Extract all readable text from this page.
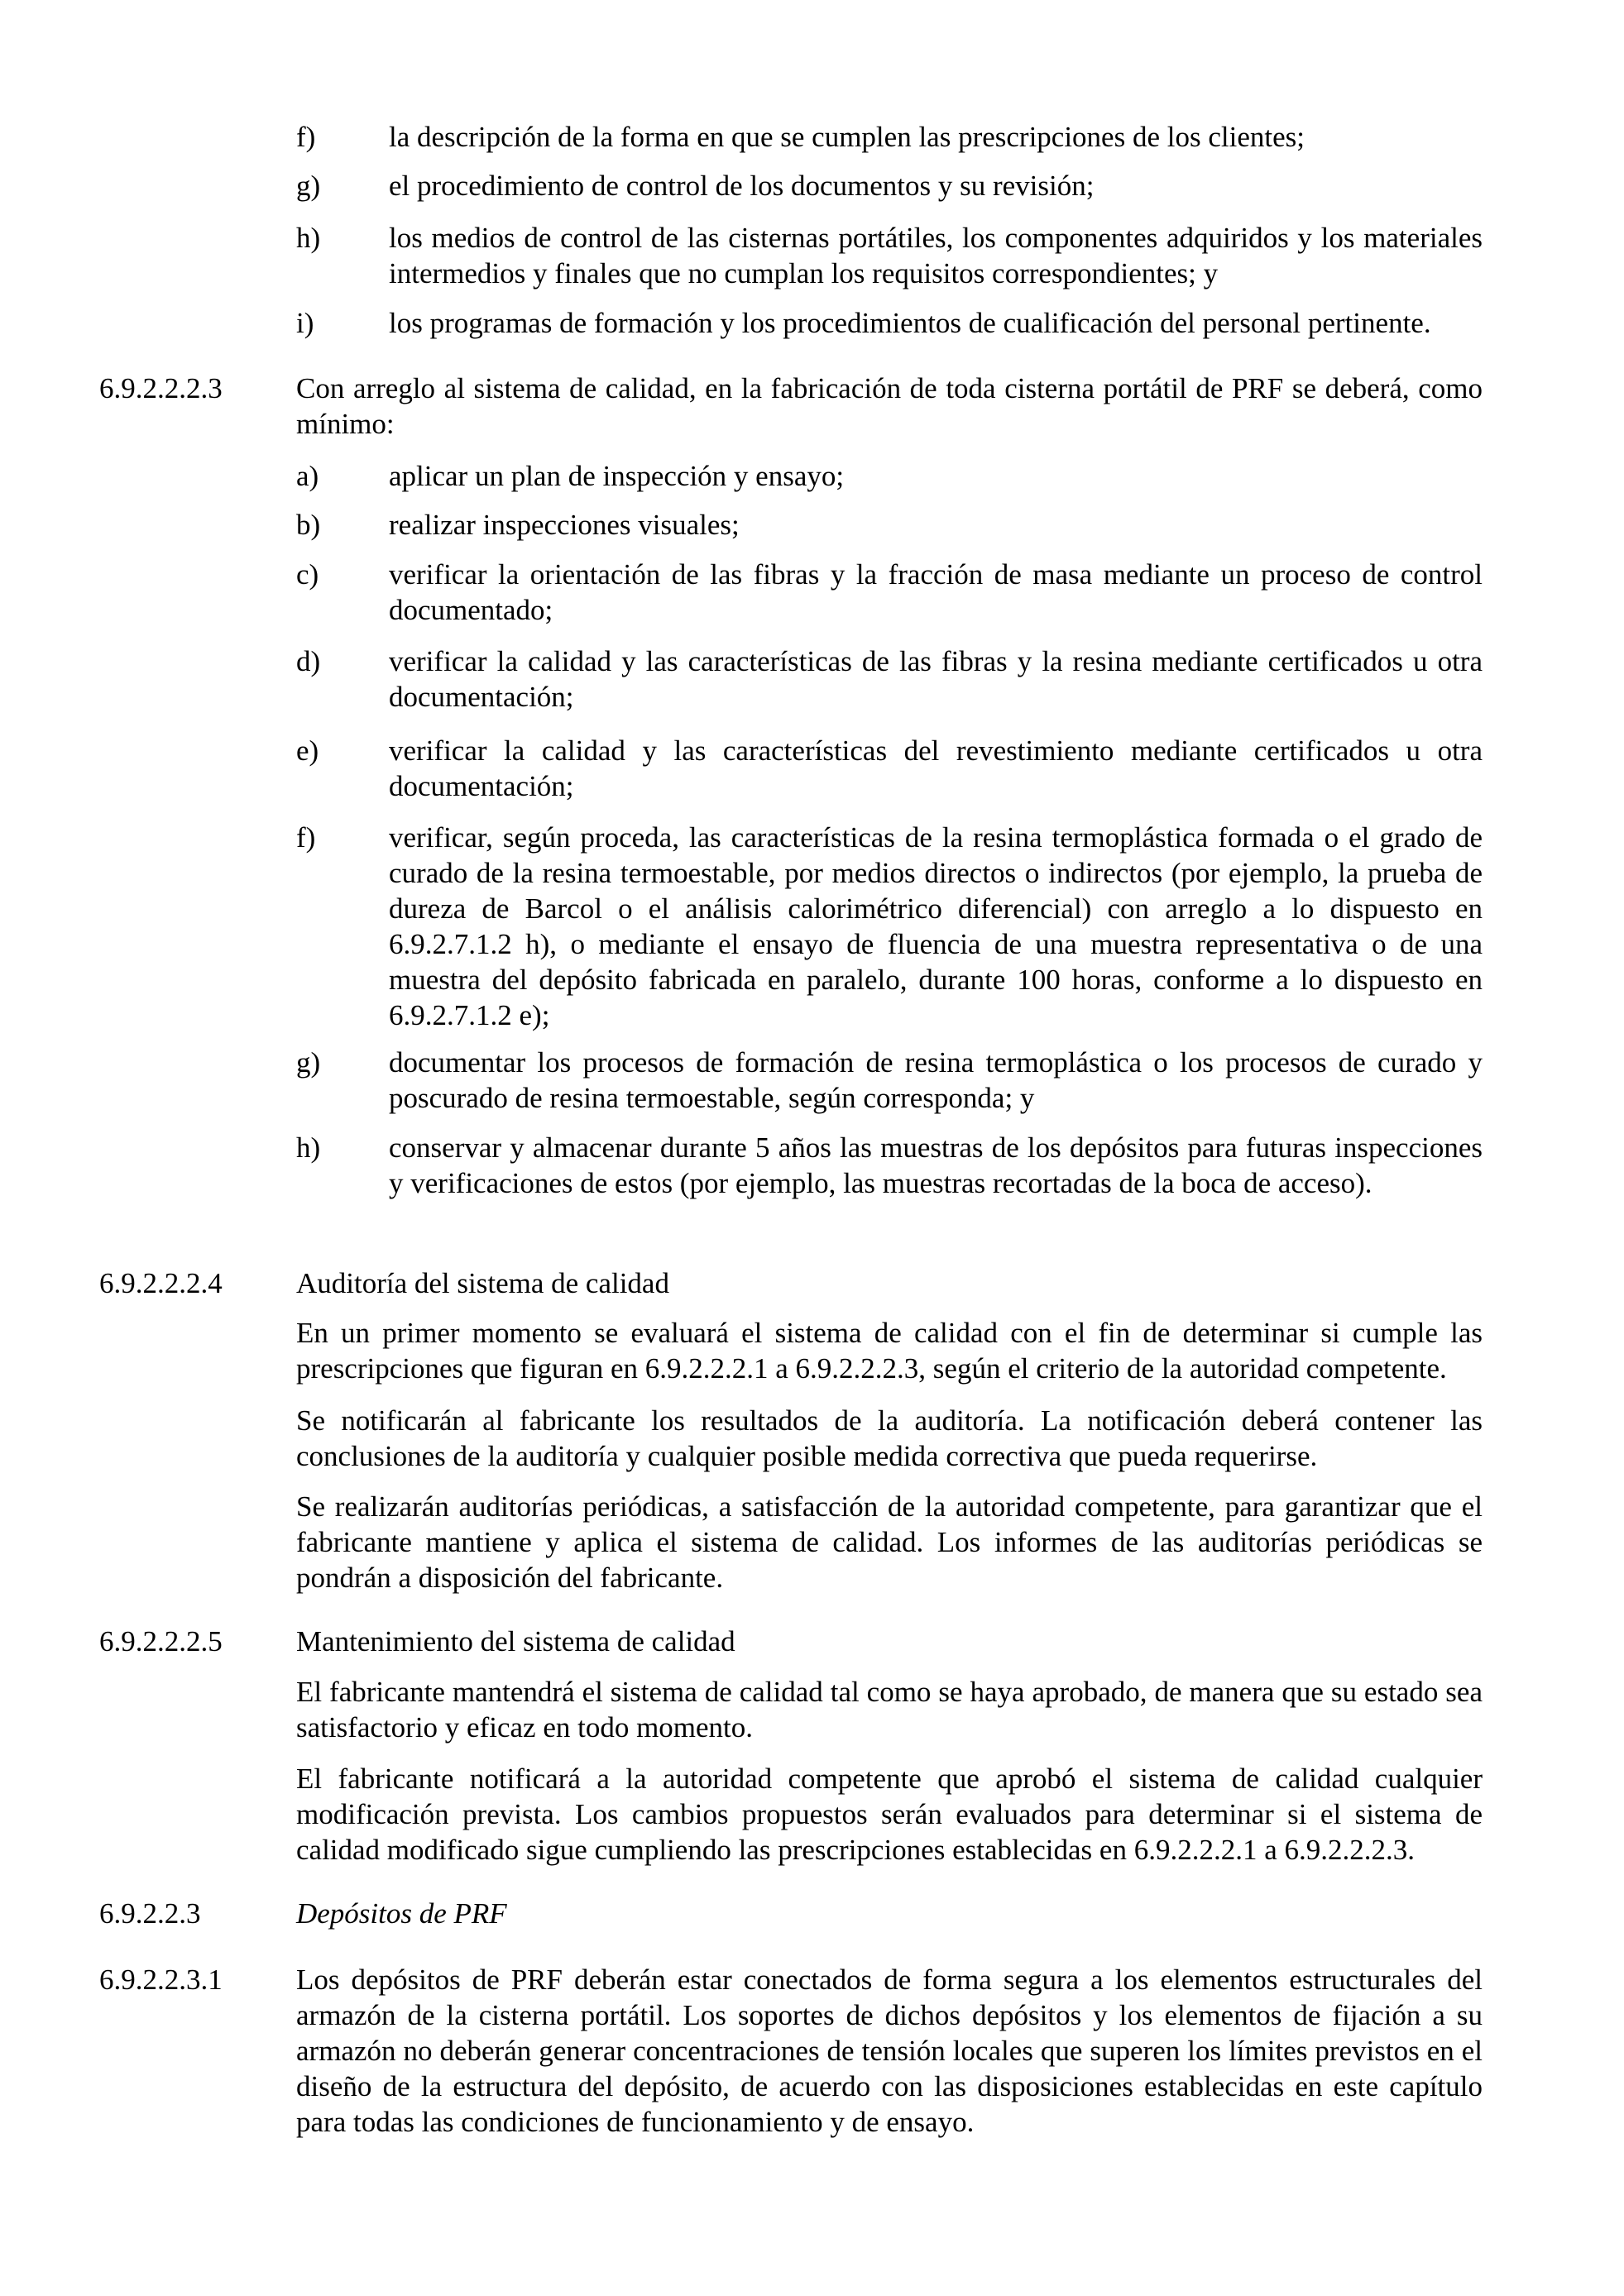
f)	la descripción de la forma en que se cumplen las prescripciones de los clientes;
g) el procedimiento de control de los documentos y su revisión;
h) los medios de control de las cisternas portátiles, los componentes adquiridos y los materiales intermedios y finales que no cumplan los requisitos correspondientes; y
i)	los programas de formación y los procedimientos de cualificación del personal pertinente.
6.9.2.2.2.3	Con arreglo al sistema de calidad, en la fabricación de toda cisterna portátil de PRF se deberá, como mínimo:
a) aplicar un plan de inspección y ensayo;
b) realizar inspecciones visuales;
c) verificar la orientación de las fibras y la fracción de masa mediante un proceso de control documentado;
d) verificar la calidad y las características de las fibras y la resina mediante certificados u otra documentación;
e) verificar la calidad y las características del revestimiento mediante certificados u otra documentación;
f)	verificar, según proceda, las características de la resina termoplástica formada o el grado de curado de la resina termoestable, por medios directos o indirectos (por ejemplo, la prueba de dureza de Barcol o el análisis calorimétrico diferencial) con arreglo a lo dispuesto en 6.9.2.7.1.2 h), o mediante el ensayo de fluencia de una muestra representativa o de una muestra del depósito fabricada en paralelo, durante 100 horas, conforme a lo dispuesto en 6.9.2.7.1.2 e);
g) documentar los procesos de formación de resina termoplástica o los procesos de curado y poscurado de resina termoestable, según corresponda; y
h) conservar y almacenar durante 5 años las muestras de los depósitos para futuras inspecciones y verificaciones de estos (por ejemplo, las muestras recortadas de la boca de acceso).
6.9.2.2.2.4	Auditoría del sistema de calidad
En un primer momento se evaluará el sistema de calidad con el fin de determinar si cumple las prescripciones que figuran en 6.9.2.2.2.1 a 6.9.2.2.2.3, según el criterio de la autoridad competente.
Se notificarán al fabricante los resultados de la auditoría. La notificación deberá contener las conclusiones de la auditoría y cualquier posible medida correctiva que pueda requerirse.
Se realizarán auditorías periódicas, a satisfacción de la autoridad competente, para garantizar que el fabricante mantiene y aplica el sistema de calidad. Los informes de las auditorías periódicas se pondrán a disposición del fabricante.
6.9.2.2.2.5	Mantenimiento del sistema de calidad
El fabricante mantendrá el sistema de calidad tal como se haya aprobado, de manera que su estado sea satisfactorio y eficaz en todo momento.
El fabricante notificará a la autoridad competente que aprobó el sistema de calidad cualquier modificación prevista. Los cambios propuestos serán evaluados para determinar si el sistema de calidad modificado sigue cumpliendo las prescripciones establecidas en 6.9.2.2.2.1 a 6.9.2.2.2.3.
6.9.2.2.3	Depósitos de PRF
6.9.2.2.3.1	Los depósitos de PRF deberán estar conectados de forma segura a los elementos estructurales del armazón de la cisterna portátil. Los soportes de dichos depósitos y los elementos de fijación a su armazón no deberán generar concentraciones de tensión locales que superen los límites previstos en el diseño de la estructura del depósito, de acuerdo con las disposiciones establecidas en este capítulo para todas las condiciones de funcionamiento y de ensayo.
